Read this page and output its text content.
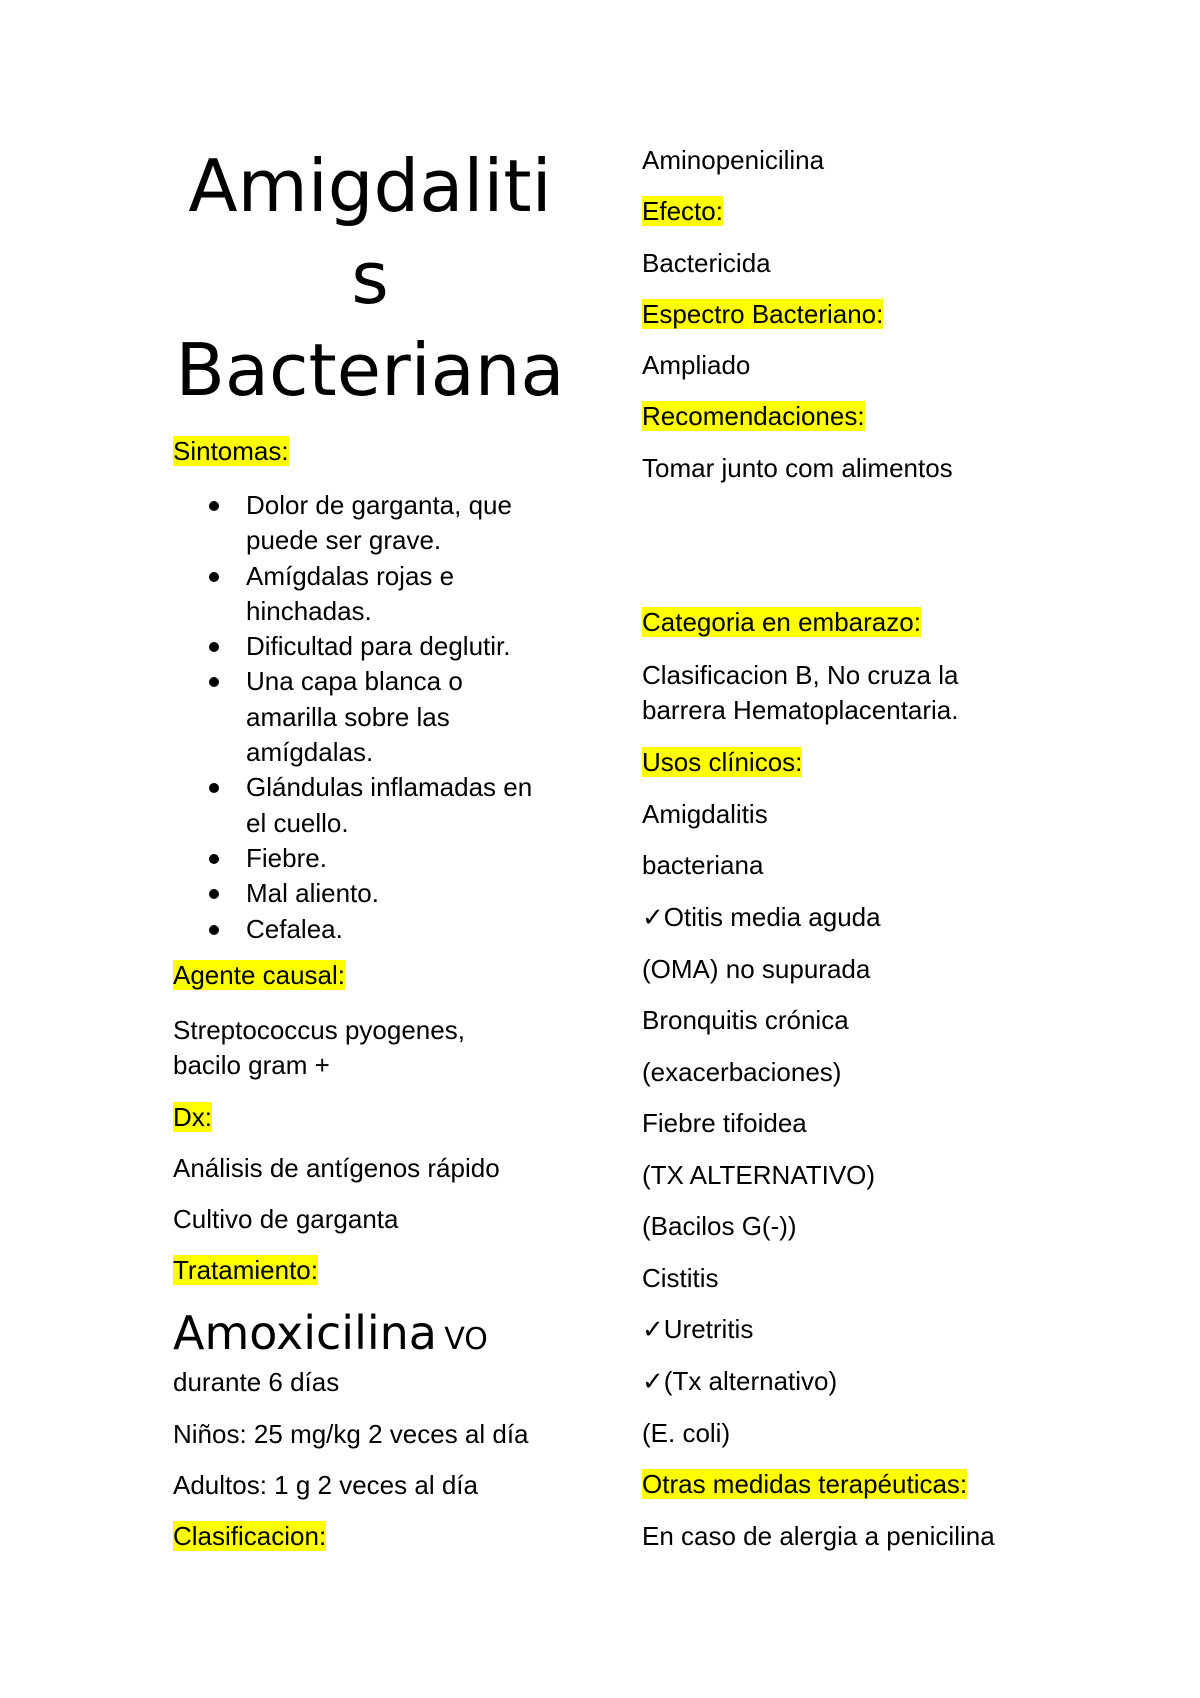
Amigdaliti
s
Bacteriana
Sintomas:
Dolor de garganta, que
puede ser grave.
Amígdalas rojas e
hinchadas.
Dificultad para deglutir.
Una capa blanca o
amarilla sobre las
amígdalas.
Glándulas inflamadas en
el cuello.
Fiebre.
Mal aliento.
Cefalea.
Agente causal:
Streptococcus pyogenes,
bacilo gram +
Dx:
Análisis de antígenos rápido
Cultivo de garganta
Tratamiento:
Amoxicilina VO
durante 6 días
Niños: 25 mg/kg 2 veces al día
Adultos: 1 g 2 veces al día
Clasificacion:
Aminopenicilina
Efecto:
Bactericida
Espectro Bacteriano:
Ampliado
Recomendaciones:
Tomar junto com alimentos
Categoria en embarazo:
Clasificacion B, No cruza la
barrera Hematoplacentaria.
Usos clínicos:
Amigdalitis
bacteriana
✓Otitis media aguda
(OMA) no supurada
Bronquitis crónica
(exacerbaciones)
Fiebre tifoidea
(TX ALTERNATIVO)
(Bacilos G(-))
Cistitis
✓Uretritis
✓(Tx alternativo)
(E. coli)
Otras medidas terapéuticas:
En caso de alergia a penicilina
